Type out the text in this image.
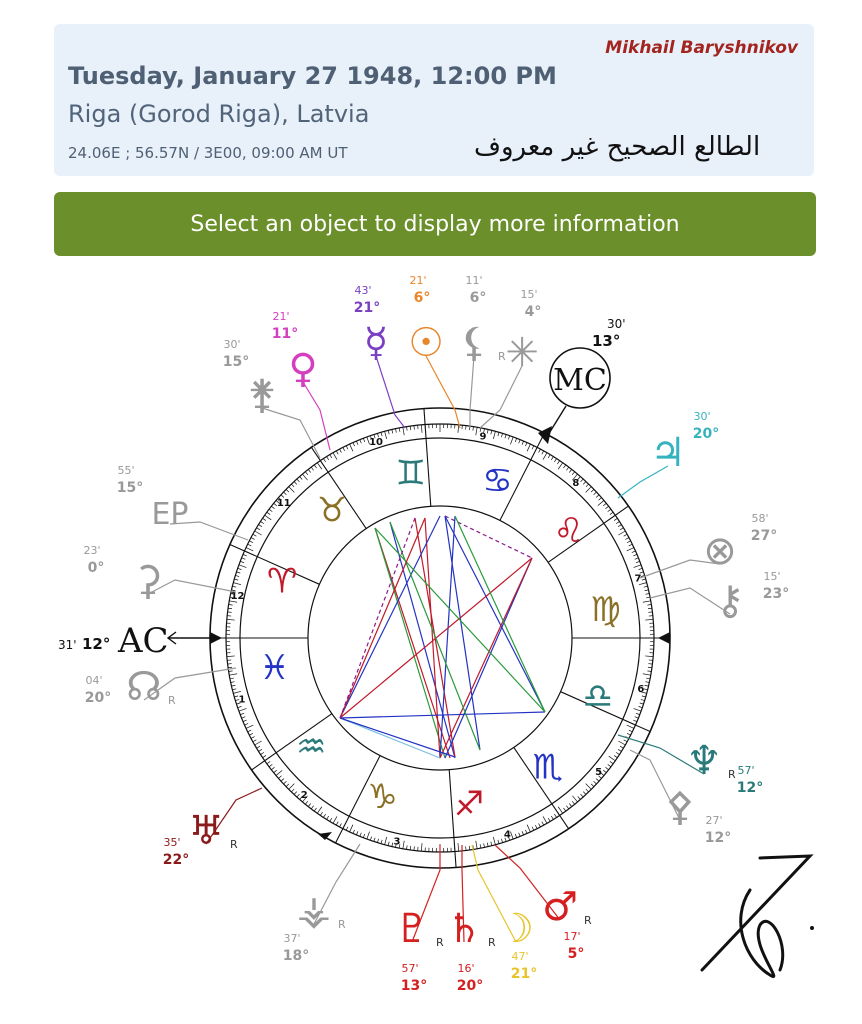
Mikhail Baryshnikov
Tuesday, January 27 1948, 12:00 PM
Riga (Gorod Riga), Latvia
24.06E ; 56.57N / 3E00, 09:00 AM UT	الطالع الصحيح غير معروف
Select an object to display more information
1
2
3
4
5
6
7
8
9
10
11
12 ♈
♉
♊ ♋
♌
♍
♎
♏
♐
♑
♒
♓
AC
12°
31'
MC
13°
30'
☿
21°
43'
☉
6°
21'
⚸ R
6°
11'
✳
4°
15'
♀
11°
21'
⚵
15°
30'
EP
15°
55'
⚳
0°
23'
☊ R
20°
04'
♃ 20°
30'
⊗ 27°
58'
⚷ 23°
15'
♆ R
12°
57'
⚴
12°
27'
♅ R
22°
35'
⚶ R
18°
37' ♇ R
13°
57'
♄ R
20°
16'
☽
21°
47'
♂ R
5°
17'
